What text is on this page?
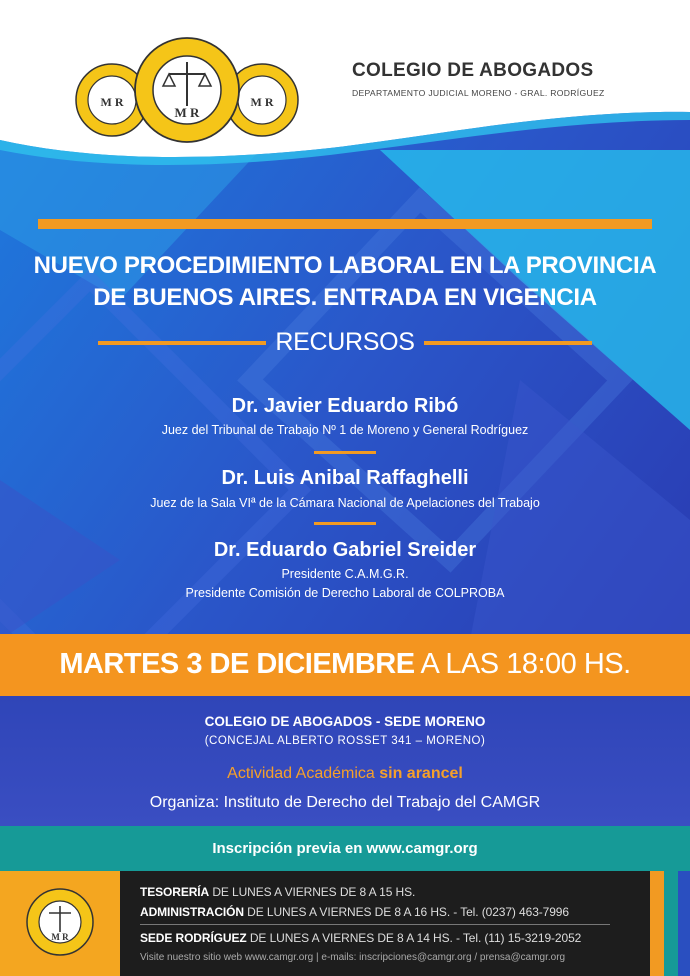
M R	M R
M R
COLEGIO DE ABOGADOS
DEPARTAMENTO JUDICIAL MORENO - GRAL. RODRÍGUEZ
NUEVO PROCEDIMIENTO LABORAL EN LA PROVINCIA
DE BUENOS AIRES. ENTRADA EN VIGENCIA
RECURSOS
Dr. Javier Eduardo Ribó
Juez del Tribunal de Trabajo Nº 1 de Moreno y General Rodríguez
Dr. Luis Anibal Raffaghelli
Juez de la Sala VIª de la Cámara Nacional de Apelaciones del Trabajo
Dr. Eduardo Gabriel Sreider
Presidente C.A.M.G.R.
Presidente Comisión de Derecho Laboral de COLPROBA
MARTES 3 DE DICIEMBRE A LAS 18:00 HS.
COLEGIO DE ABOGADOS - SEDE MORENO
(CONCEJAL ALBERTO ROSSET 341 – MORENO)
Actividad Académica sin arancel
Organiza: Instituto de Derecho del Trabajo del CAMGR
Inscripción previa en www.camgr.org
M R
TESORERÍA DE LUNES A VIERNES DE 8 A 15 HS.
ADMINISTRACIÓN DE LUNES A VIERNES DE 8 A 16 HS. - Tel. (0237) 463-7996
SEDE RODRÍGUEZ DE LUNES A VIERNES DE 8 A 14 HS. - Tel. (11) 15-3219-2052
Visite nuestro sitio web www.camgr.org | e-mails: inscripciones@camgr.org / prensa@camgr.org
